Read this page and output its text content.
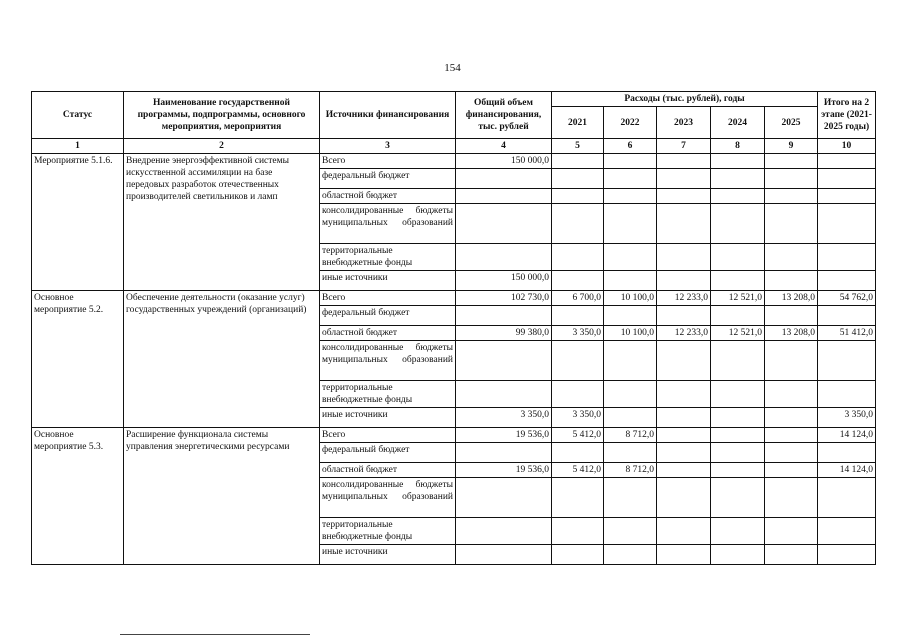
154
Статус	Наименование государственной программы, подпрограммы, основного мероприятия, мероприятия	Источники финансирования	Общий объем финансирования, тыс. рублей	Расходы (тыс. рублей), годы					Итого на 2 этапе (2021-2025 годы)
				2021	2022	2023	2024	2025	
1	2	3	4	5	6	7	8	9	10
Мероприятие 5.1.6.	Внедрение энергоэффективной системы искусственной ассимиляции на базе передовых разработок отечественных производителей светильников и ламп	Всего	150 000,0						
		федеральный бюджет							
		областной бюджет							
		консолидированные бюджеты муниципальных образований							
		территориальные внебюджетные фонды							
		иные источники	150 000,0						
Основное мероприятие 5.2.	Обеспечение деятельности (оказание услуг) государственных учреждений (организаций)	Всего	102 730,0	6 700,0	10 100,0	12 233,0	12 521,0	13 208,0	54 762,0
		федеральный бюджет							
		областной бюджет	99 380,0	3 350,0	10 100,0	12 233,0	12 521,0	13 208,0	51 412,0
		консолидированные бюджеты муниципальных образований							
		территориальные внебюджетные фонды							
		иные источники	3 350,0	3 350,0					3 350,0
Основное мероприятие 5.3.	Расширение функционала системы управления энергетическими ресурсами	Всего	19 536,0	5 412,0	8 712,0				14 124,0
		федеральный бюджет							
		областной бюджет	19 536,0	5 412,0	8 712,0				14 124,0
		консолидированные бюджеты муниципальных образований							
		территориальные внебюджетные фонды							
		иные источники							
